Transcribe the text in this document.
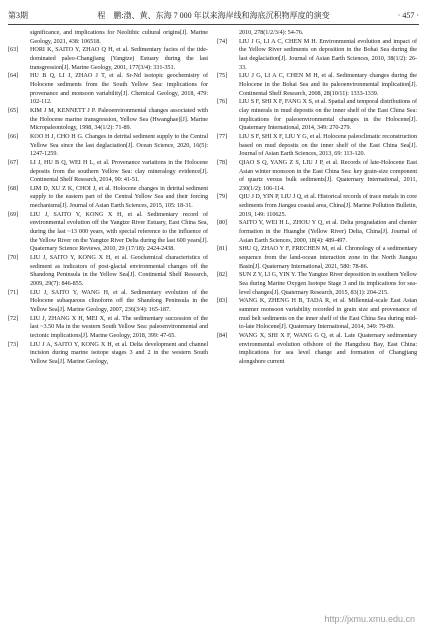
第3期	程　鹏:渤、黄、东海 7 000 年以来海岸线和海底沉积物厚度的演变	· 457 ·
significance, and implications for Neolithic cultural origins[J]. Marine Geology, 2021, 438: 106518.
[63]	HORI K, SAITO Y, ZHAO Q H, et al. Sedimentary facies of the tide-dominated paleo-Changjiang (Yangtze) Estuary during the last transgression[J]. Marine Geology, 2001, 177(3/4): 331-351.
[64]	HU B Q, LI J, ZHAO J T, et al. Sr-Nd isotopic geochemistry of Holocene sediments from the South Yellow Sea: implications for provenance and monsoon variability[J]. Chemical Geology, 2018, 479: 102-112.
[65]	KIM J M, KENNETT J P. Paleoenvironmental changes associated with the Holocene marine transgression, Yellow Sea (Hwanghae)[J]. Marine Micropaleontology, 1998, 34(1/2): 71-89.
[66]	KOO H J, CHO H G. Changes in detrital sediment supply to the Central Yellow Sea since the last deglaciation[J]. Ocean Science, 2020, 16(5): 1247-1259.
[67]	LI J, HU B Q, WEI H L, et al. Provenance variations in the Holocene deposits from the southern Yellow Sea: clay mineralogy evidence[J]. Continental Shelf Research, 2014, 90: 41-51.
[68]	LIM D, XU Z K, CHOI J, et al. Holocene changes in detrital sediment supply to the eastern part of the Central Yellow Sea and their forcing mechanisms[J]. Journal of Asian Earth Sciences, 2015, 105: 18-31.
[69]	LIU J, SAITO Y, KONG X H, et al. Sedimentary record of environmental evolution off the Yangtze River Estuary, East China Sea, during the last ~13 000 years, with special reference to the influence of the Yellow River on the Yangtze River Delta during the last 600 years[J]. Quaternary Science Reviews, 2010, 29 (17/18): 2424-2438.
[70]	LIU J, SAITO Y, KONG X H, et al. Geochemical characteristics of sediment as indicators of post-glacial environmental changes off the Shandong Peninsula in the Yellow Sea[J]. Continental Shelf Research, 2009, 29(7): 846-855.
[71]	LIU J, SAITO Y, WANG H, et al. Sedimentary evolution of the Holocene subaqueous clinoform off the Shandong Peninsula in the Yellow Sea[J]. Marine Geology, 2007, 236(3/4): 165-187.
[72]	LIU J, ZHANG X H, MEI X, et al. The sedimentary succession of the last ~3.50 Ma in the western South Yellow Sea: paleoenvironmental and tectonic implications[J]. Marine Geology, 2018, 399: 47-65.
[73]	LIU J A, SAITO Y, KONG X H, et al. Delta development and channel incision during marine isotope stages 3 and 2 in the western South Yellow Sea[J]. Marine Geology,
2010, 278(1/2/3/4): 54-76.
[74]	LIU J G, LI A C, CHEN M H. Environmental evolution and impact of the Yellow River sediments on deposition in the Bohai Sea during the last deglaciation[J]. Journal of Asian Earth Sciences, 2010, 38(1/2): 26-33.
[75]	LIU J G, LI A C, CHEN M H, et al. Sedimentary changes during the Holocene in the Bohai Sea and its paleoenvironmental implication[J]. Continental Shelf Research, 2008, 28(10/11): 1333-1339.
[76]	LIU S F, SHI X F, FANG X S, et al. Spatial and temporal distributions of clay minerals in mud deposits on the inner shelf of the East China Sea: implications for paleoenvironmental changes in the Holocene[J]. Quaternary International, 2014, 349: 270-279.
[77]	LIU S F, SHI X F, LIU Y G, et al. Holocene paleoclimatic reconstruction based on mud deposits on the inner shelf of the East China Sea[J]. Journal of Asian Earth Sciences, 2013, 69: 113-120.
[78]	QIAO S Q, YANG Z S, LIU J P, et al. Records of late-Holocene East Asian winter monsoon in the East China Sea: key grain-size component of quartz versus bulk sediments[J]. Quaternary International, 2011, 230(1/2): 106-114.
[79]	QIU J D, YIN P, LIU J Q, et al. Historical records of trace metals in core sediments from Jiangsu coastal area, China[J]. Marine Pollution Bulletin, 2019, 149: 110625.
[80]	SAITO Y, WEI H L, ZHOU Y Q, et al. Delta progradation and chenier formation in the Huanghe (Yellow River) Delta, China[J]. Journal of Asian Earth Sciences, 2000, 18(4): 489-497.
[81]	SHU Q, ZHAO Y F, FRECHEN M, et al. Chronology of a sedimentary sequence from the land-ocean interaction zone in the North Jiangsu Basin[J]. Quaternary International, 2021, 580: 78-86.
[82]	SUN Z Y, LI G, YIN Y. The Yangtze River deposition in southern Yellow Sea during Marine Oxygen Isotope Stage 3 and its implications for sea-level changes[J]. Quaternary Research, 2015, 83(1): 204-215.
[83]	WANG K, ZHENG H B, TADA R, et al. Millennial-scale East Asian summer monsoon variability recorded in grain size and provenance of mud belt sediments on the inner shelf of the East China Sea during mid-to-late Holocene[J]. Quaternary International, 2014, 349: 79-89.
[84]	WANG X, SHI X F, WANG G Q, et al. Late Quaternary sedimentary environmental evolution offshore of the Hangzhou Bay, East China: implications for sea level change and formation of Changjiang alongshore current
http://jxmu.xmu.edu.cn
